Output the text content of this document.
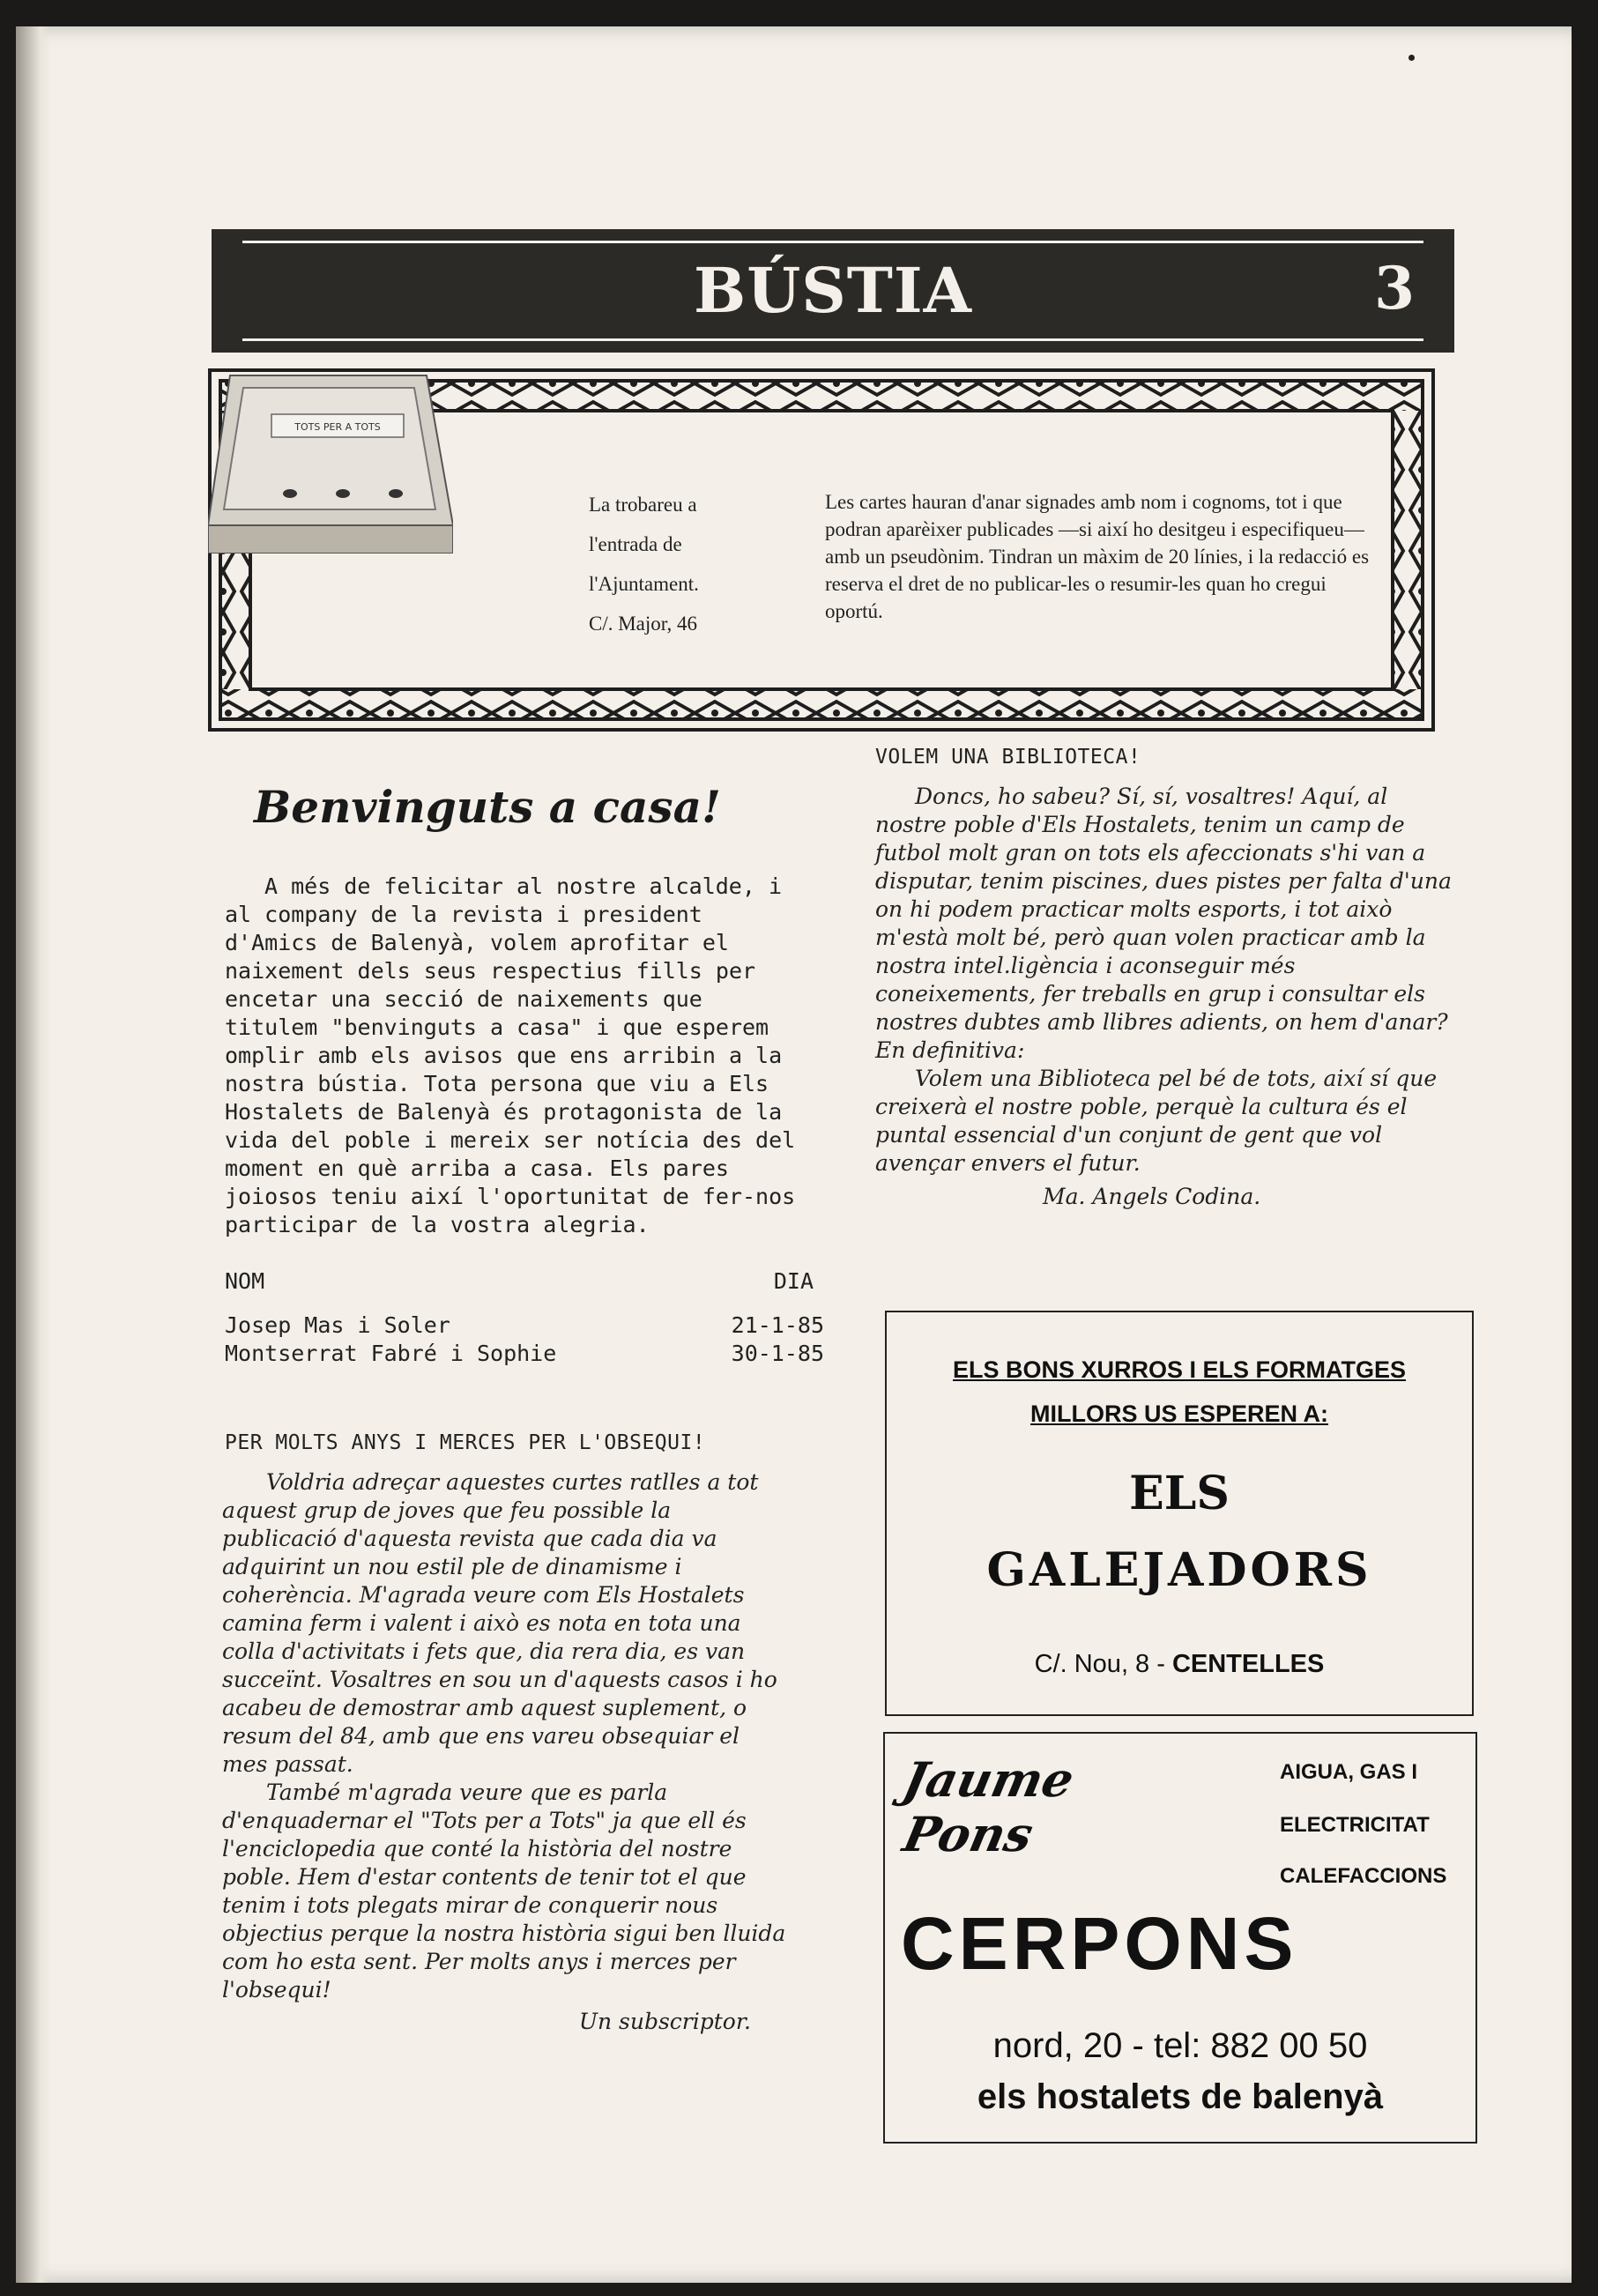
BÚSTIA	3
TOTS PER A TOTS
La trobareu a
l'entrada de
l'Ajuntament.
C/. Major, 46
Les cartes hauran d'anar signades amb nom i cognoms, tot i que podran aparèixer publicades —si així ho desitgeu i especifiqueu— amb un pseudònim. Tindran un màxim de 20 línies, i la redacció es reserva el dret de no publicar-les o resumir-les quan ho cregui oportú.
Benvinguts a casa!

A més de felicitar al nostre alcalde, i al company de la revista i president d'Amics de Balenyà, volem aprofitar el naixement dels seus respectius fills per encetar una secció de naixements que titulem "benvinguts a casa" i que esperem omplir amb els avisos que ens arribin a la nostra bústia. Tota persona que viu a Els Hostalets de Balenyà és protagonista de la vida del poble i mereix ser notícia des del moment en què arriba a casa. Els pares joiosos teniu així l'oportunitat de fer-nos participar de la vostra alegria.

NOM	DIA
Josep Mas i Soler	21-1-85
Montserrat Fabré i Sophie	30-1-85
PER MOLTS ANYS I MERCES PER L'OBSEQUI!

Voldria adreçar aquestes curtes ratlles a tot aquest grup de joves que feu possible la publicació d'aquesta revista que cada dia va adquirint un nou estil ple de dinamisme i coherència. M'agrada veure com Els Hostalets camina ferm i valent i això es nota en tota una colla d'activitats i fets que, dia rera dia, es van succeïnt. Vosaltres en sou un d'aquests casos i ho acabeu de demostrar amb aquest suplement, o resum del 84, amb que ens vareu obsequiar el mes passat.

També m'agrada veure que es parla d'enquadernar el "Tots per a Tots" ja que ell és l'enciclopedia que conté la història del nostre poble. Hem d'estar contents de tenir tot el que tenim i tots plegats mirar de conquerir nous objectius perque la nostra història sigui ben lluida com ho esta sent. Per molts anys i merces per l'obsequi!

Un subscriptor.

VOLEM UNA BIBLIOTECA!

Doncs, ho sabeu? Sí, sí, vosaltres! Aquí, al nostre poble d'Els Hostalets, tenim un camp de futbol molt gran on tots els afeccionats s'hi van a disputar, tenim piscines, dues pistes per falta d'una on hi podem practicar molts esports, i tot això m'està molt bé, però quan volen practicar amb la nostra intel.ligència i aconseguir més coneixements, fer treballs en grup i consultar els nostres dubtes amb llibres adients, on hem d'anar? En definitiva:

Volem una Biblioteca pel bé de tots, així sí que creixerà el nostre poble, perquè la cultura és el puntal essencial d'un conjunt de gent que vol avençar envers el futur.

Ma. Angels Codina.

ELS BONS XURROS I ELS FORMATGES
MILLORS US ESPEREN A:
ELS
GALEJADORS
C/. Nou, 8 - CENTELLES
Jaume
Pons
AIGUA, GAS I
ELECTRICITAT
CALEFACCIONS
CERPONS
nord, 20 - tel: 882 00 50
els hostalets de balenyà
